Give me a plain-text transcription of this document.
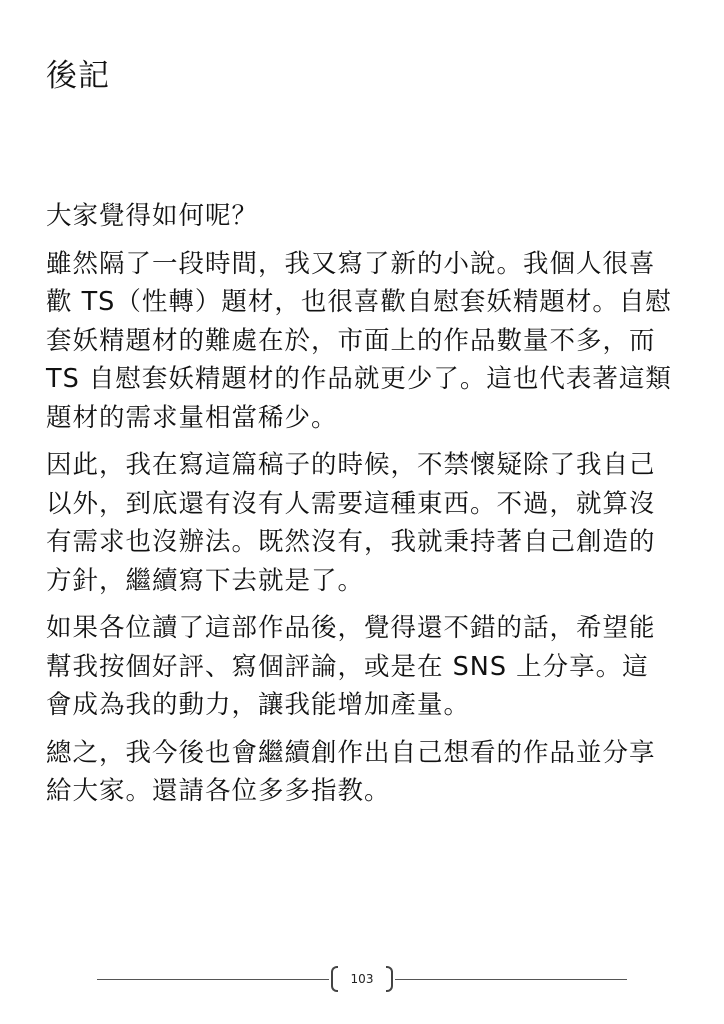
後記

大家覺得如何呢？

雖然隔了一段時間，我又寫了新的小說。我個人很喜歡 TS（性轉）題材，也很喜歡自慰套妖精題材。自慰套妖精題材的難處在於，市面上的作品數量不多，而 TS 自慰套妖精題材的作品就更少了。這也代表著這類題材的需求量相當稀少。

因此，我在寫這篇稿子的時候，不禁懷疑除了我自己以外，到底還有沒有人需要這種東西。不過，就算沒有需求也沒辦法。既然沒有，我就秉持著自己創造的方針，繼續寫下去就是了。

如果各位讀了這部作品後，覺得還不錯的話，希望能幫我按個好評、寫個評論，或是在 SNS 上分享。這會成為我的動力，讓我能增加產量。

總之，我今後也會繼續創作出自己想看的作品並分享給大家。還請各位多多指教。

103
